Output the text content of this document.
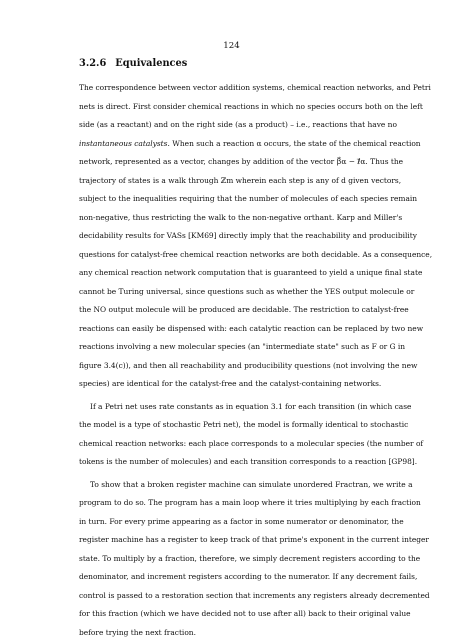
124
3.2.6 Equivalences
The correspondence between vector addition systems, chemical reaction networks, and Petri
nets is direct. First consider chemical reactions in which no species occurs both on the left
side (as a reactant) and on the right side (as a product) – i.e., reactions that have no
instantaneous catalysts. When such a reaction α occurs, the state of the chemical reaction
network, represented as a vector, changes by addition of the vector β⃗α − ℓ⃗α. Thus the
trajectory of states is a walk through ℤm wherein each step is any of d given vectors,
subject to the inequalities requiring that the number of molecules of each species remain
non-negative, thus restricting the walk to the non-negative orthant. Karp and Miller's
decidability results for VASs [KM69] directly imply that the reachability and producibility
questions for catalyst-free chemical reaction networks are both decidable. As a consequence,
any chemical reaction network computation that is guaranteed to yield a unique final state
cannot be Turing universal, since questions such as whether the YES output molecule or
the NO output molecule will be produced are decidable. The restriction to catalyst-free
reactions can easily be dispensed with: each catalytic reaction can be replaced by two new
reactions involving a new molecular species (an "intermediate state" such as F or G in
figure 3.4(c)), and then all reachability and producibility questions (not involving the new
species) are identical for the catalyst-free and the catalyst-containing networks.
If a Petri net uses rate constants as in equation 3.1 for each transition (in which case
the model is a type of stochastic Petri net), the model is formally identical to stochastic
chemical reaction networks: each place corresponds to a molecular species (the number of
tokens is the number of molecules) and each transition corresponds to a reaction [GP98].
To show that a broken register machine can simulate unordered Fractran, we write a
program to do so. The program has a main loop where it tries multiplying by each fraction
in turn. For every prime appearing as a factor in some numerator or denominator, the
register machine has a register to keep track of that prime's exponent in the current integer
state. To multiply by a fraction, therefore, we simply decrement registers according to the
denominator, and increment registers according to the numerator. If any decrement fails,
control is passed to a restoration section that increments any registers already decremented
for this fraction (which we have decided not to use after all) back to their original value
before trying the next fraction.
